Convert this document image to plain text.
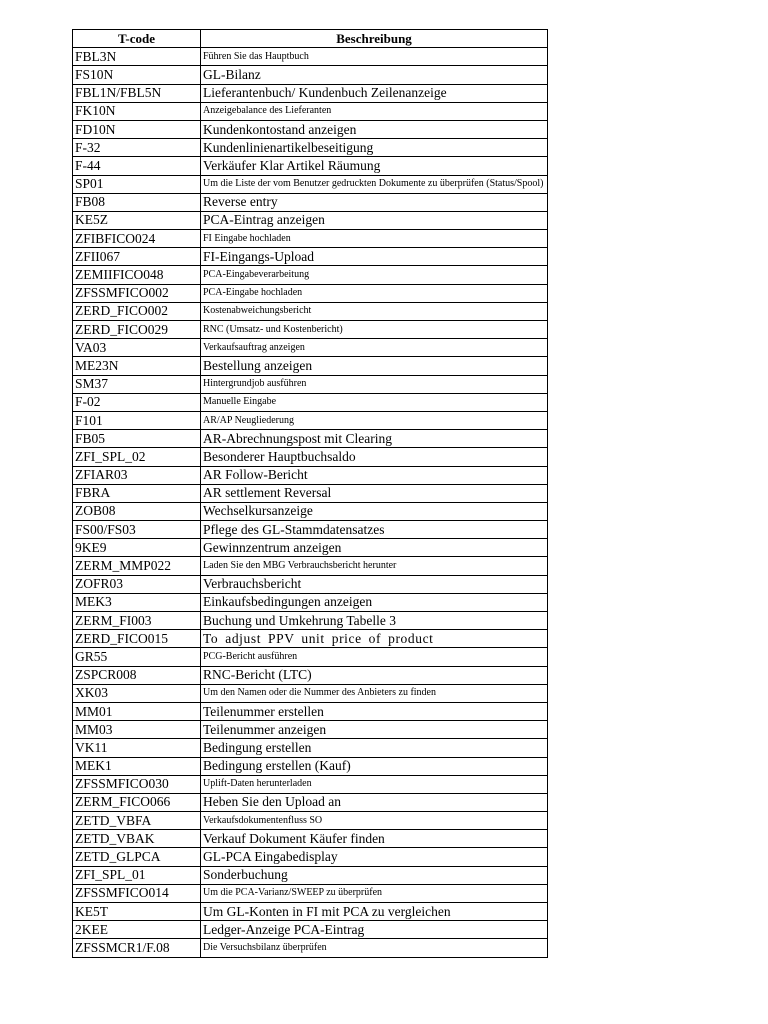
T-code	Beschreibung
FBL3N	Führen Sie das Hauptbuch
FS10N	GL-Bilanz
FBL1N/FBL5N	Lieferantenbuch/ Kundenbuch Zeilenanzeige
FK10N	Anzeigebalance des Lieferanten
FD10N	Kundenkontostand anzeigen
F-32	Kundenlinienartikelbeseitigung
F-44	Verkäufer Klar Artikel Räumung
SP01	Um die Liste der vom Benutzer gedruckten Dokumente zu überprüfen (Status/Spool)
FB08	Reverse entry
KE5Z	PCA-Eintrag anzeigen
ZFIBFICO024	FI Eingabe hochladen
ZFII067	FI-Eingangs-Upload
ZEMIIFICO048	PCA-Eingabeverarbeitung
ZFSSMFICO002	PCA-Eingabe hochladen
ZERD_FICO002	Kostenabweichungsbericht
ZERD_FICO029	RNC (Umsatz- und Kostenbericht)
VA03	Verkaufsauftrag anzeigen
ME23N	Bestellung anzeigen
SM37	Hintergrundjob ausführen
F-02	Manuelle Eingabe
F101	AR/AP Neugliederung
FB05	AR-Abrechnungspost mit Clearing
ZFI_SPL_02	Besonderer Hauptbuchsaldo
ZFIAR03	AR Follow-Bericht
FBRA	AR settlement Reversal
ZOB08	Wechselkursanzeige
FS00/FS03	Pflege des GL-Stammdatensatzes
9KE9	Gewinnzentrum anzeigen
ZERM_MMP022	Laden Sie den MBG Verbrauchsbericht herunter
ZOFR03	Verbrauchsbericht
MEK3	Einkaufsbedingungen anzeigen
ZERM_FI003	Buchung und Umkehrung Tabelle 3
ZERD_FICO015	To adjust PPV unit price of product
GR55	PCG-Bericht ausführen
ZSPCR008	RNC-Bericht (LTC)
XK03	Um den Namen oder die Nummer des Anbieters zu finden
MM01	Teilenummer erstellen
MM03	Teilenummer anzeigen
VK11	Bedingung erstellen
MEK1	Bedingung erstellen (Kauf)
ZFSSMFICO030	Uplift-Daten herunterladen
ZERM_FICO066	Heben Sie den Upload an
ZETD_VBFA	Verkaufsdokumentenfluss SO
ZETD_VBAK	Verkauf Dokument Käufer finden
ZETD_GLPCA	GL-PCA Eingabedisplay
ZFI_SPL_01	Sonderbuchung
ZFSSMFICO014	Um die PCA-Varianz/SWEEP zu überprüfen
KE5T	Um GL-Konten in FI mit PCA zu vergleichen
2KEE	Ledger-Anzeige PCA-Eintrag
ZFSSMCR1/F.08	Die Versuchsbilanz überprüfen
